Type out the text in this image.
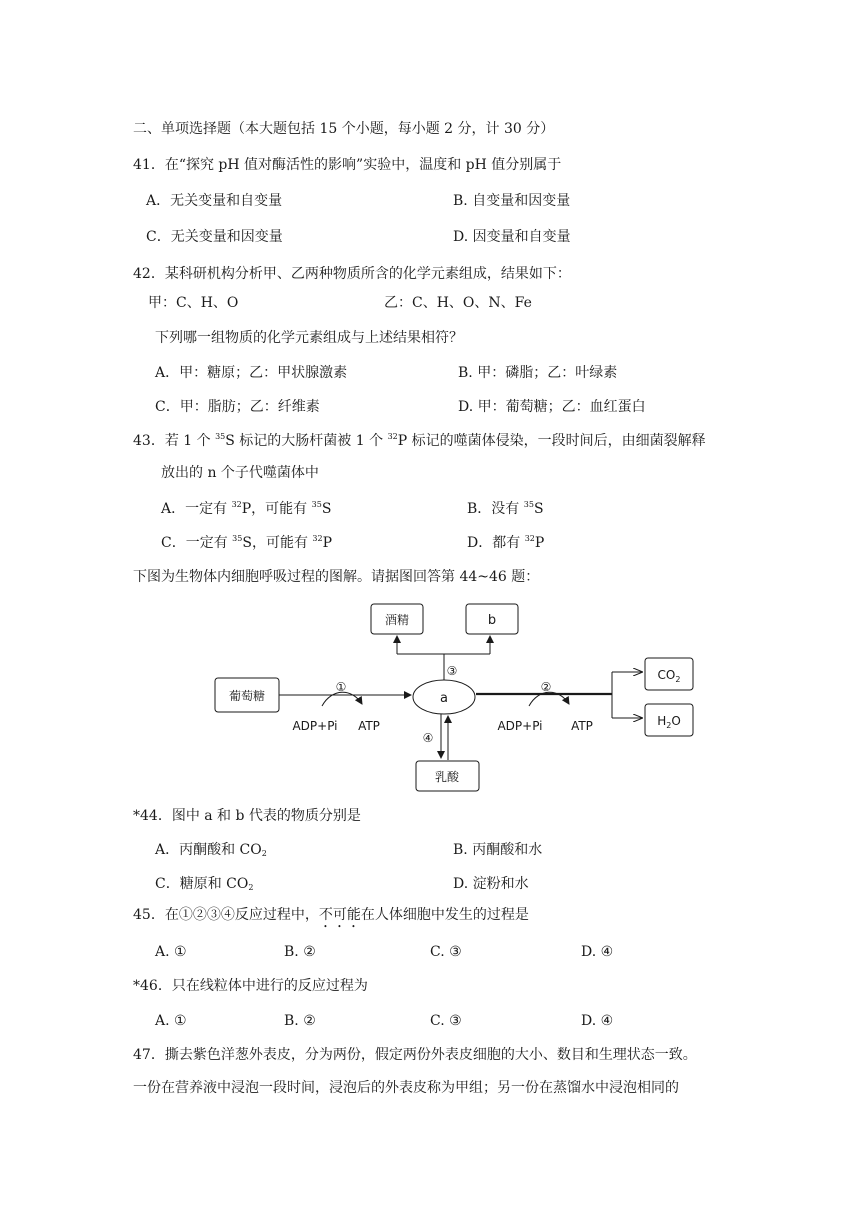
二、单项选择题（本大题包括 15 个小题，每小题 2 分，计 30 分）
41．在“探究 pH 值对酶活性的影响”实验中，温度和 pH 值分别属于
A．无关变量和自变量	B. 自变量和因变量
C．无关变量和因变量	D. 因变量和自变量
42．某科研机构分析甲、乙两种物质所含的化学元素组成，结果如下：
甲：C、H、O	乙：C、H、O、N、Fe
下列哪一组物质的化学元素组成与上述结果相符？
A．甲：糖原；乙：甲状腺激素	B. 甲：磷脂；乙：叶绿素
C．甲：脂肪；乙：纤维素	D. 甲：葡萄糖；乙：血红蛋白
43．若 1 个 $^{35}$S 标记的大肠杆菌被 1 个 $^{32}$P 标记的噬菌体侵染，一段时间后，由细菌裂解释
放出的 n 个子代噬菌体中
A．一定有 $^{32}$P，可能有 $^{35}$S	B．没有 $^{35}$S
C．一定有 $^{35}$S，可能有 $^{32}$P	D．都有 $^{32}$P
下图为生物体内细胞呼吸过程的图解。请据图回答第 44~46 题：
酒精	b
葡萄糖	a
乳酸
$CO_2$
$H_2O$
①	②
③
④
ADP+Pi ATP	ADP+Pi ATP
*44．图中 a 和 b 代表的物质分别是
A．丙酮酸和 $CO_2$	B. 丙酮酸和水
C．糖原和 $CO_2$	D. 淀粉和水
45．在①②③④反应过程中，不可能在人体细胞中发生的过程是
A. ①	B. ②	C. ③	D. ④
*46．只在线粒体中进行的反应过程为
A. ①	B. ②	C. ③	D. ④
47．撕去紫色洋葱外表皮，分为两份，假定两份外表皮细胞的大小、数目和生理状态一致。
一份在营养液中浸泡一段时间，浸泡后的外表皮称为甲组；另一份在蒸馏水中浸泡相同的
